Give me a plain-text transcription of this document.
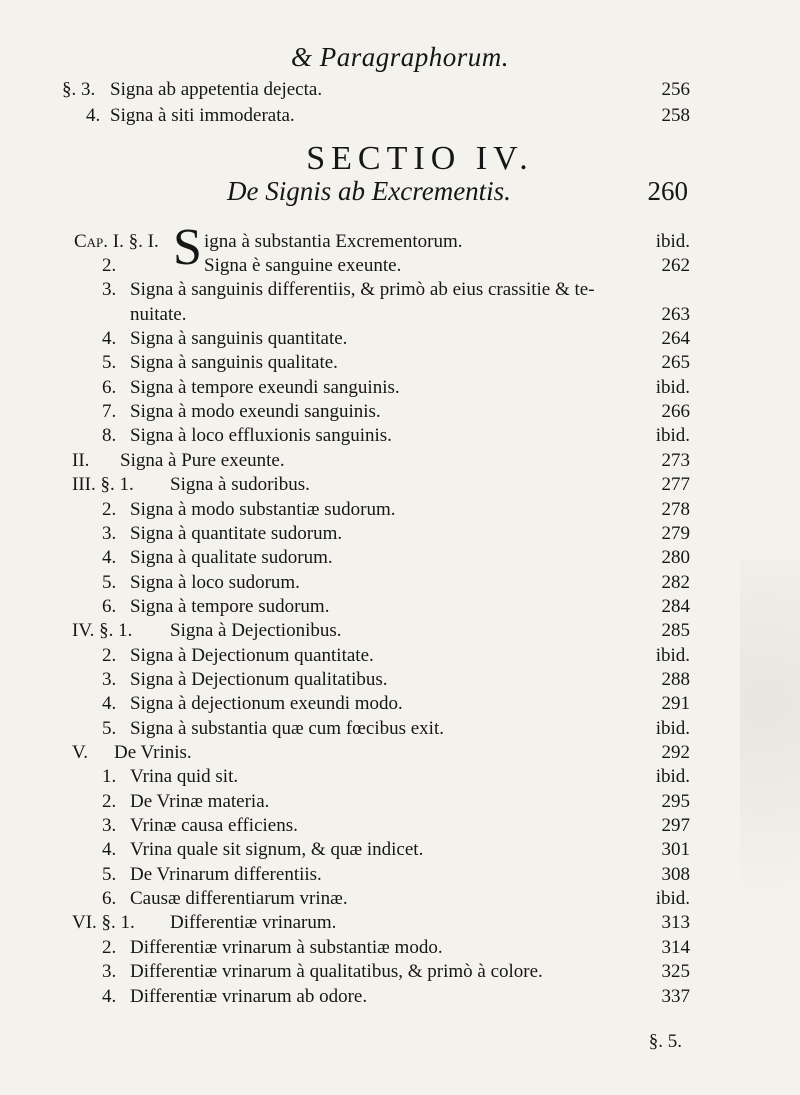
& Paragraphorum.
§. 3. Signa ab appetentia dejecta.	256
4. Signa à siti immoderata.	258
SECTIO IV.
De Signis ab Excrementis.	260
Cap. I. §. I. S igna à substantia Excrementorum.	ibid.
2.	Signa è sanguine exeunte.	262
3. Signa à sanguinis differentiis, & primò ab eius crassitie & te-
nuitate.	263
4. Signa à sanguinis quantitate.	264
5. Signa à sanguinis qualitate.	265
6. Signa à tempore exeundi sanguinis.	ibid.
7. Signa à modo exeundi sanguinis.	266
8. Signa à loco effluxionis sanguinis.	ibid.
II. Signa à Pure exeunte.	273
III. §. 1. Signa à sudoribus.	277
2. Signa à modo substantiæ sudorum.	278
3. Signa à quantitate sudorum.	279
4. Signa à qualitate sudorum.	280
5. Signa à loco sudorum.	282
6. Signa à tempore sudorum.	284
IV. §. 1. Signa à Dejectionibus.	285
2. Signa à Dejectionum quantitate.	ibid.
3. Signa à Dejectionum qualitatibus.	288
4. Signa à dejectionum exeundi modo.	291
5. Signa à substantia quæ cum fœcibus exit.	ibid.
V. De Vrinis.	292
1. Vrina quid sit.	ibid.
2. De Vrinæ materia.	295
3. Vrinæ causa efficiens.	297
4. Vrina quale sit signum, & quæ indicet.	301
5. De Vrinarum differentiis.	308
6. Causæ differentiarum vrinæ.	ibid.
VI. §. 1. Differentiæ vrinarum.	313
2. Differentiæ vrinarum à substantiæ modo.	314
3. Differentiæ vrinarum à qualitatibus, & primò à colore.	325
4. Differentiæ vrinarum ab odore.	337
§. 5.
